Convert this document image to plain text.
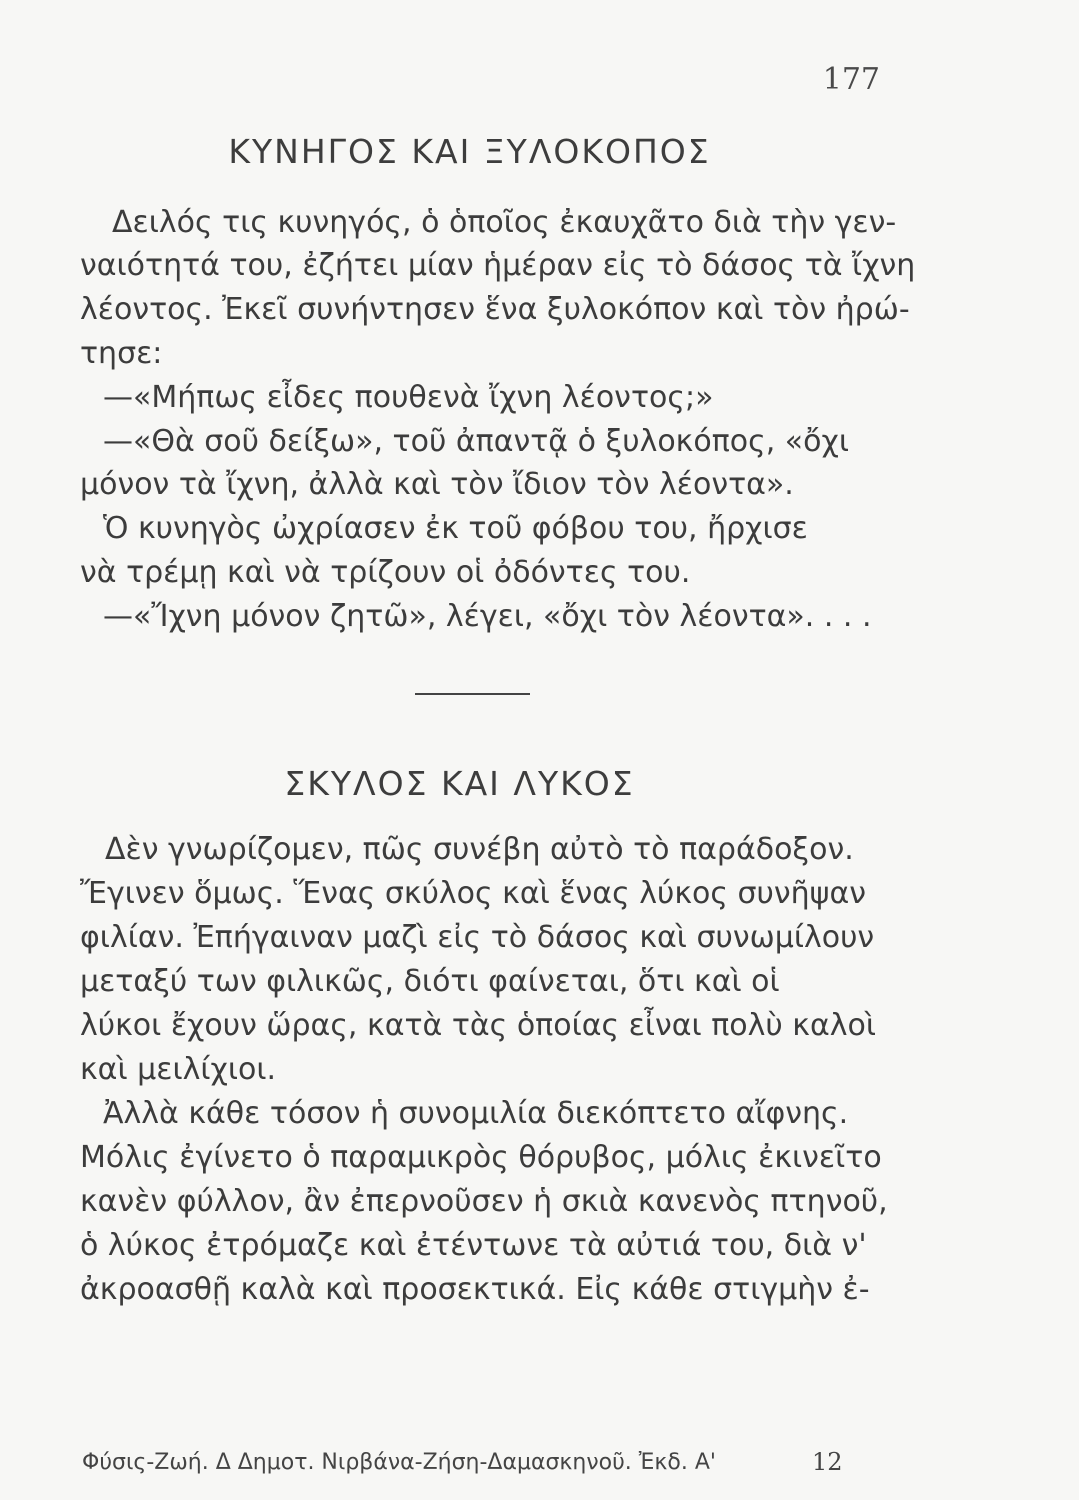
177
ΚΥΝΗΓΟΣ ΚΑΙ ΞΥΛΟΚΟΠΟΣ
Δειλός τις κυνηγός, ὁ ὁποῖος ἐκαυχᾶτο διὰ τὴν γεν-
ναιότητά του, ἐζήτει μίαν ἡμέραν εἰς τὸ δάσος τὰ ἴχνη
λέοντος. Ἐκεῖ συνήντησεν ἕνα ξυλοκόπον καὶ τὸν ἠρώ-
τησε:
—«Μήπως εἶδες πουθενὰ ἴχνη λέοντος;»
—«Θὰ σοῦ δείξω», τοῦ ἀπαντᾷ ὁ ξυλοκόπος, «ὄχι
μόνον τὰ ἴχνη, ἀλλὰ καὶ τὸν ἴδιον τὸν λέοντα».
Ὁ κυνηγὸς ὠχρίασεν ἐκ τοῦ φόβου του, ἤρχισε
νὰ τρέμῃ καὶ νὰ τρίζουν οἱ ὀδόντες του.
—«Ἴχνη μόνον ζητῶ», λέγει, «ὄχι τὸν λέοντα». . . .
ΣΚΥΛΟΣ ΚΑΙ ΛΥΚΟΣ
Δὲν γνωρίζομεν, πῶς συνέβη αὐτὸ τὸ παράδοξον.
Ἔγινεν ὅμως. Ἕνας σκύλος καὶ ἕνας λύκος συνῆψαν
φιλίαν. Ἐπήγαιναν μαζὶ εἰς τὸ δάσος καὶ συνωμίλουν
μεταξύ των φιλικῶς, διότι φαίνεται, ὅτι καὶ οἱ
λύκοι ἔχουν ὥρας, κατὰ τὰς ὁποίας εἶναι πολὺ καλοὶ
καὶ μειλίχιοι.
Ἀλλὰ κάθε τόσον ἡ συνομιλία διεκόπτετο αἴφνης.
Μόλις ἐγίνετο ὁ παραμικρὸς θόρυβος, μόλις ἐκινεῖτο
κανὲν φύλλον, ἂν ἐπερνοῦσεν ἡ σκιὰ κανενὸς πτηνοῦ,
ὁ λύκος ἐτρόμαζε καὶ ἐτέντωνε τὰ αὐτιά του, διὰ ν'
ἀκροασθῇ καλὰ καὶ προσεκτικά. Εἰς κάθε στιγμὴν ἐ-
Φύσις-Ζωή. Δ Δημοτ. Νιρβάνα-Ζήση-Δαμασκηνοῦ. Ἐκδ. Α'	12
